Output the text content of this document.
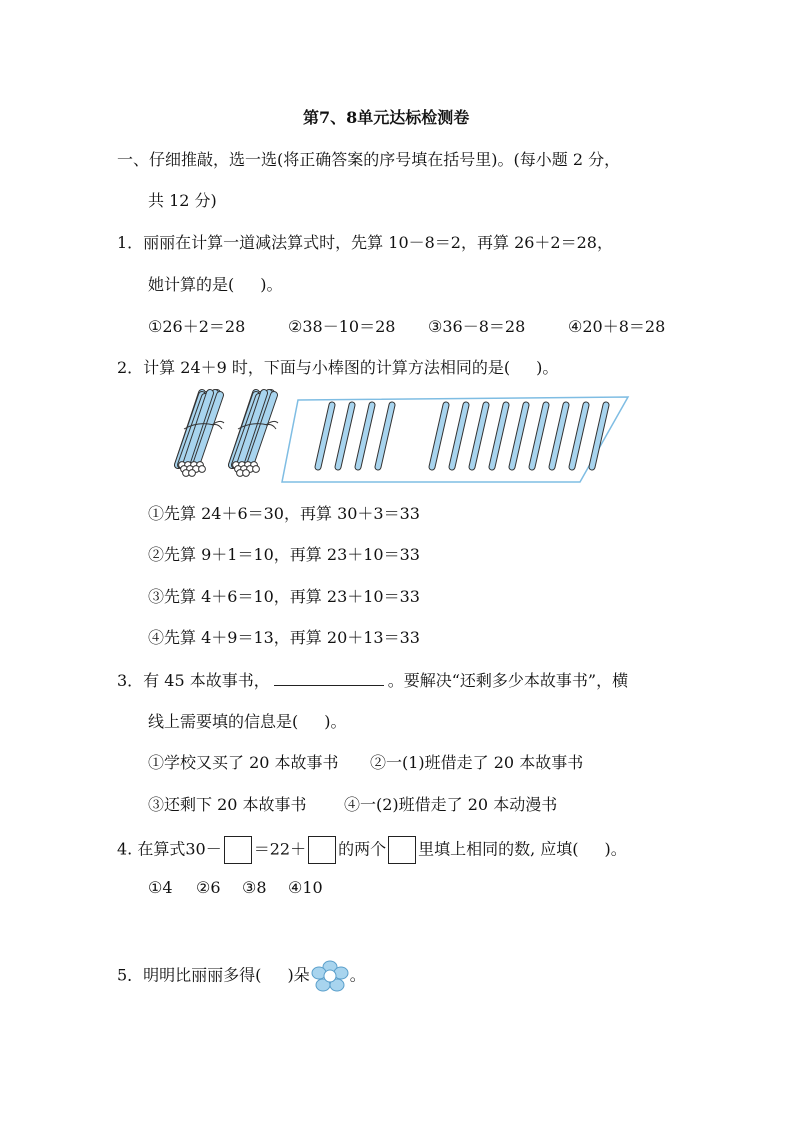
第7、8单元达标检测卷
一、仔细推敲，选一选(将正确答案的序号填在括号里)。(每小题 2 分，
共 12 分)
1．丽丽在计算一道减法算式时，先算 10－8＝2，再算 26＋2＝28，
她计算的是( )。
①26＋2＝28	②38－10＝28 ③36－8＝28	④20＋8＝28
2．计算 24＋9 时，下面与小棒图的计算方法相同的是( )。
①先算 24＋6＝30，再算 30＋3＝33
②先算 9＋1＝10，再算 23＋10＝33
③先算 4＋6＝10，再算 23＋10＝33
④先算 4＋9＝13，再算 20＋13＝33
3．有 45 本故事书，	。要解决“还剩多少本故事书”，横
线上需要填的信息是( )。
①学校又买了 20 本故事书 ②一(1)班借走了 20 本故事书
③还剩下 20 本故事书 ④一(2)班借走了 20 本动漫书
4. 在算式30－ ＝22＋ 的两个 里填上相同的数, 应填( )。
①4 ②6 ③8 ④10
5．明明比丽丽多得( )朵	。
